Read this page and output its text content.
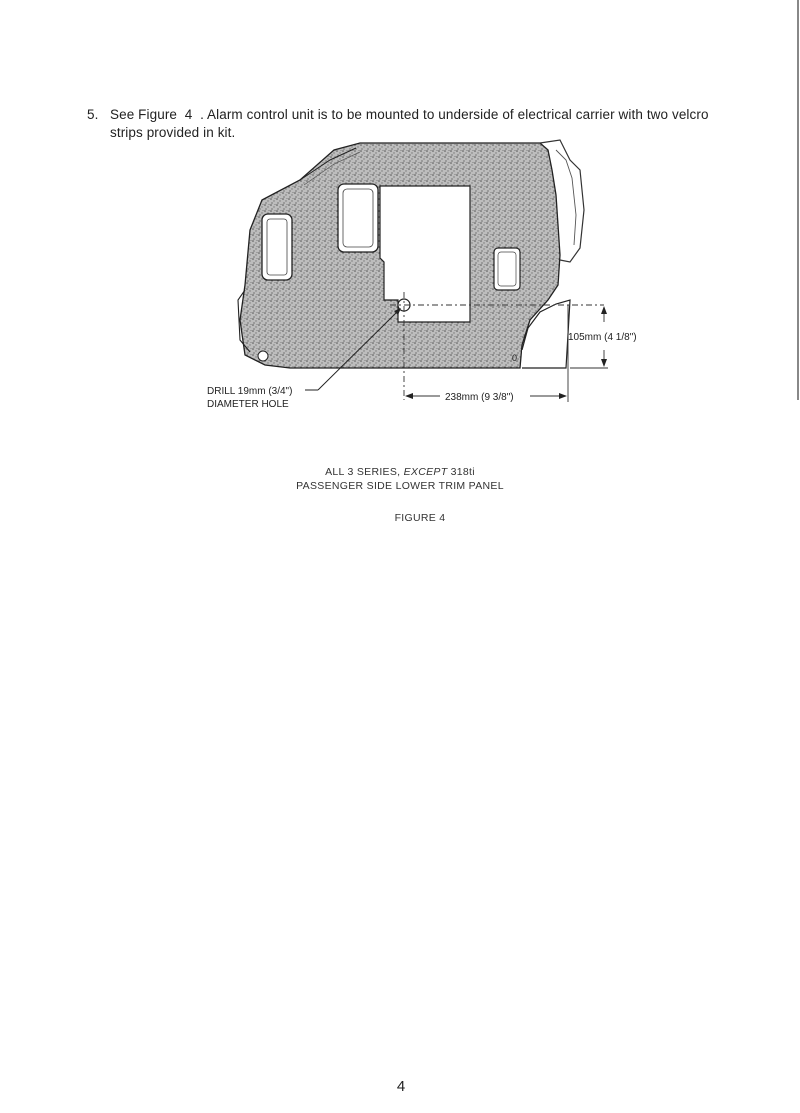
5. See Figure 4 . Alarm control unit is to be mounted to underside of electrical carrier with two velcro strips provided in kit.
0
105mm (4 1/8")
238mm (9 3/8")
DRILL 19mm (3/4")
DIAMETER HOLE
ALL 3 SERIES, EXCEPT 318ti
PASSENGER SIDE LOWER TRIM PANEL
FIGURE 4
4
